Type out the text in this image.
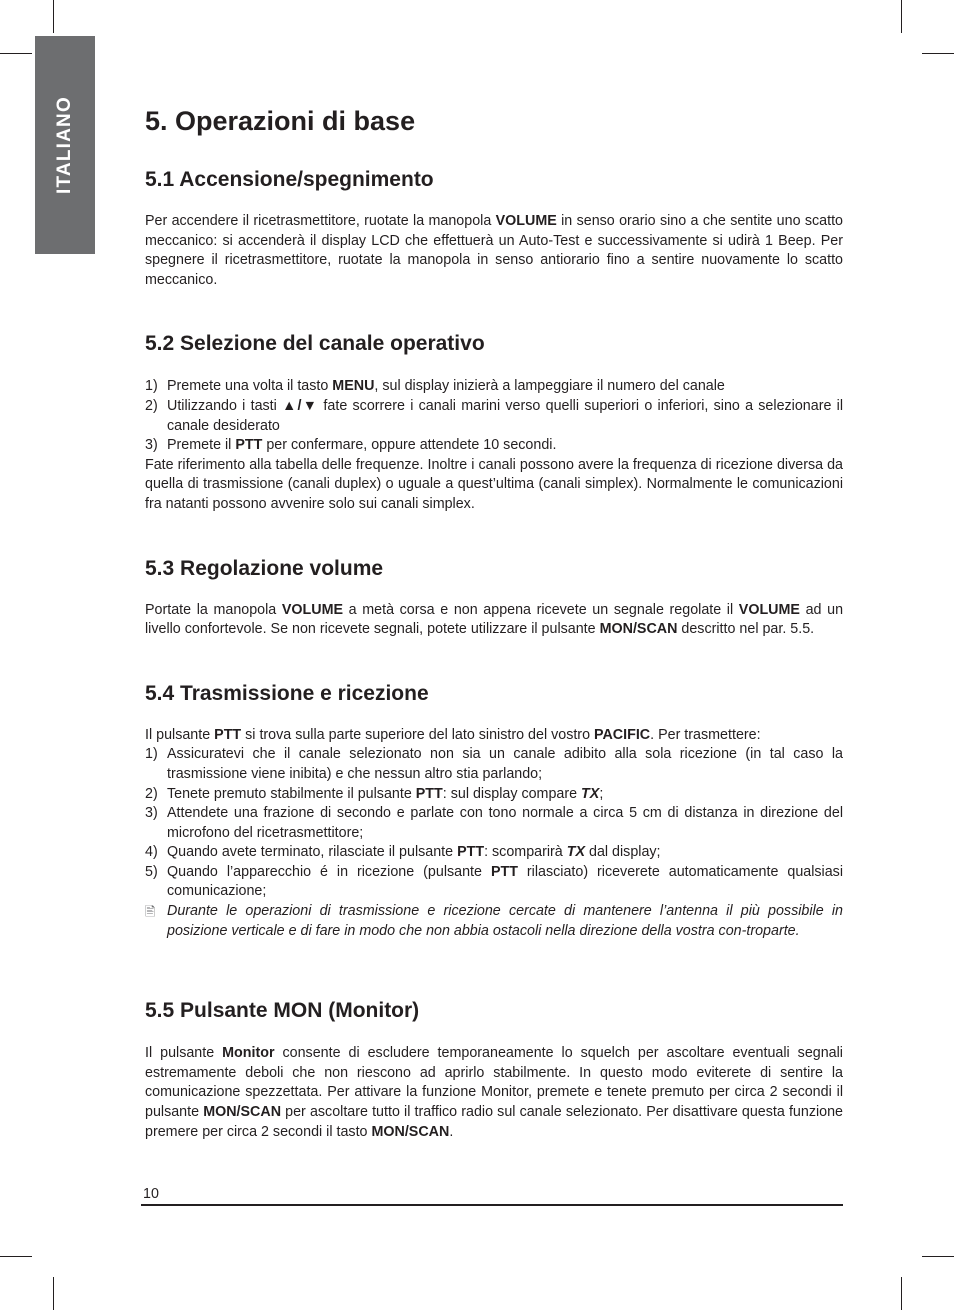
ITALIANO	5. Operazioni di base
5.1 Accensione/spegnimento

Per accendere il ricetrasmettitore, ruotate la manopola VOLUME in senso orario sino a che sentite uno scatto meccanico: si accenderà il display LCD che effettuerà un Auto-Test e successivamente si udirà 1 Beep. Per spegnere il ricetrasmettitore, ruotate la manopola in senso antiorario fino a sentire nuovamente lo scatto meccanico.

5.2 Selezione del canale operativo
1) Premete una volta il tasto MENU, sul display inizierà a lampeggiare il numero del canale
2) Utilizzando i tasti ▲/▼ fate scorrere i canali marini verso quelli superiori o inferiori, sino a selezionare il canale desiderato
3) Premete il PTT per confermare, oppure attendete 10 secondi.

Fate riferimento alla tabella delle frequenze. Inoltre i canali possono avere la frequenza di ricezione diversa da quella di trasmissione (canali duplex) o uguale a quest’ultima (canali simplex). Normalmente le comunicazioni fra natanti possono avvenire solo sui canali simplex.

5.3 Regolazione volume

Portate la manopola VOLUME a metà corsa e non appena ricevete un segnale regolate il VOLUME ad un livello confortevole. Se non ricevete segnali, potete utilizzare il pulsante MON/SCAN descritto nel par. 5.5.

5.4 Trasmissione e ricezione

Il pulsante PTT si trova sulla parte superiore del lato sinistro del vostro PACIFIC. Per trasmettere:

1) Assicuratevi che il canale selezionato non sia un canale adibito alla sola ricezione (in tal caso la trasmissione viene inibita) e che nessun altro stia parlando;
2) Tenete premuto stabilmente il pulsante PTT: sul display compare TX;
3) Attendete una frazione di secondo e parlate con tono normale a circa 5 cm di distanza in direzione del microfono del ricetrasmettitore;
4) Quando avete terminato, rilasciate il pulsante PTT: scomparirà TX dal display;
5) Quando l’apparecchio é in ricezione (pulsante PTT rilasciato) riceverete automaticamente qualsiasi comunicazione;
🖹 Durante le operazioni di trasmissione e ricezione cercate di mantenere l’antenna il più possibile in posizione verticale e di fare in modo che non abbia ostacoli nella direzione della vostra con-troparte.
5.5 Pulsante MON (Monitor)

Il pulsante Monitor consente di escludere temporaneamente lo squelch per ascoltare eventuali segnali estremamente deboli che non riescono ad aprirlo stabilmente. In questo modo eviterete di sentire la comunicazione spezzettata. Per attivare la funzione Monitor, premete e tenete premuto per circa 2 secondi il pulsante MON/SCAN per ascoltare tutto il traffico radio sul canale selezionato. Per disattivare questa funzione premere per circa 2 secondi il tasto MON/SCAN.

10
